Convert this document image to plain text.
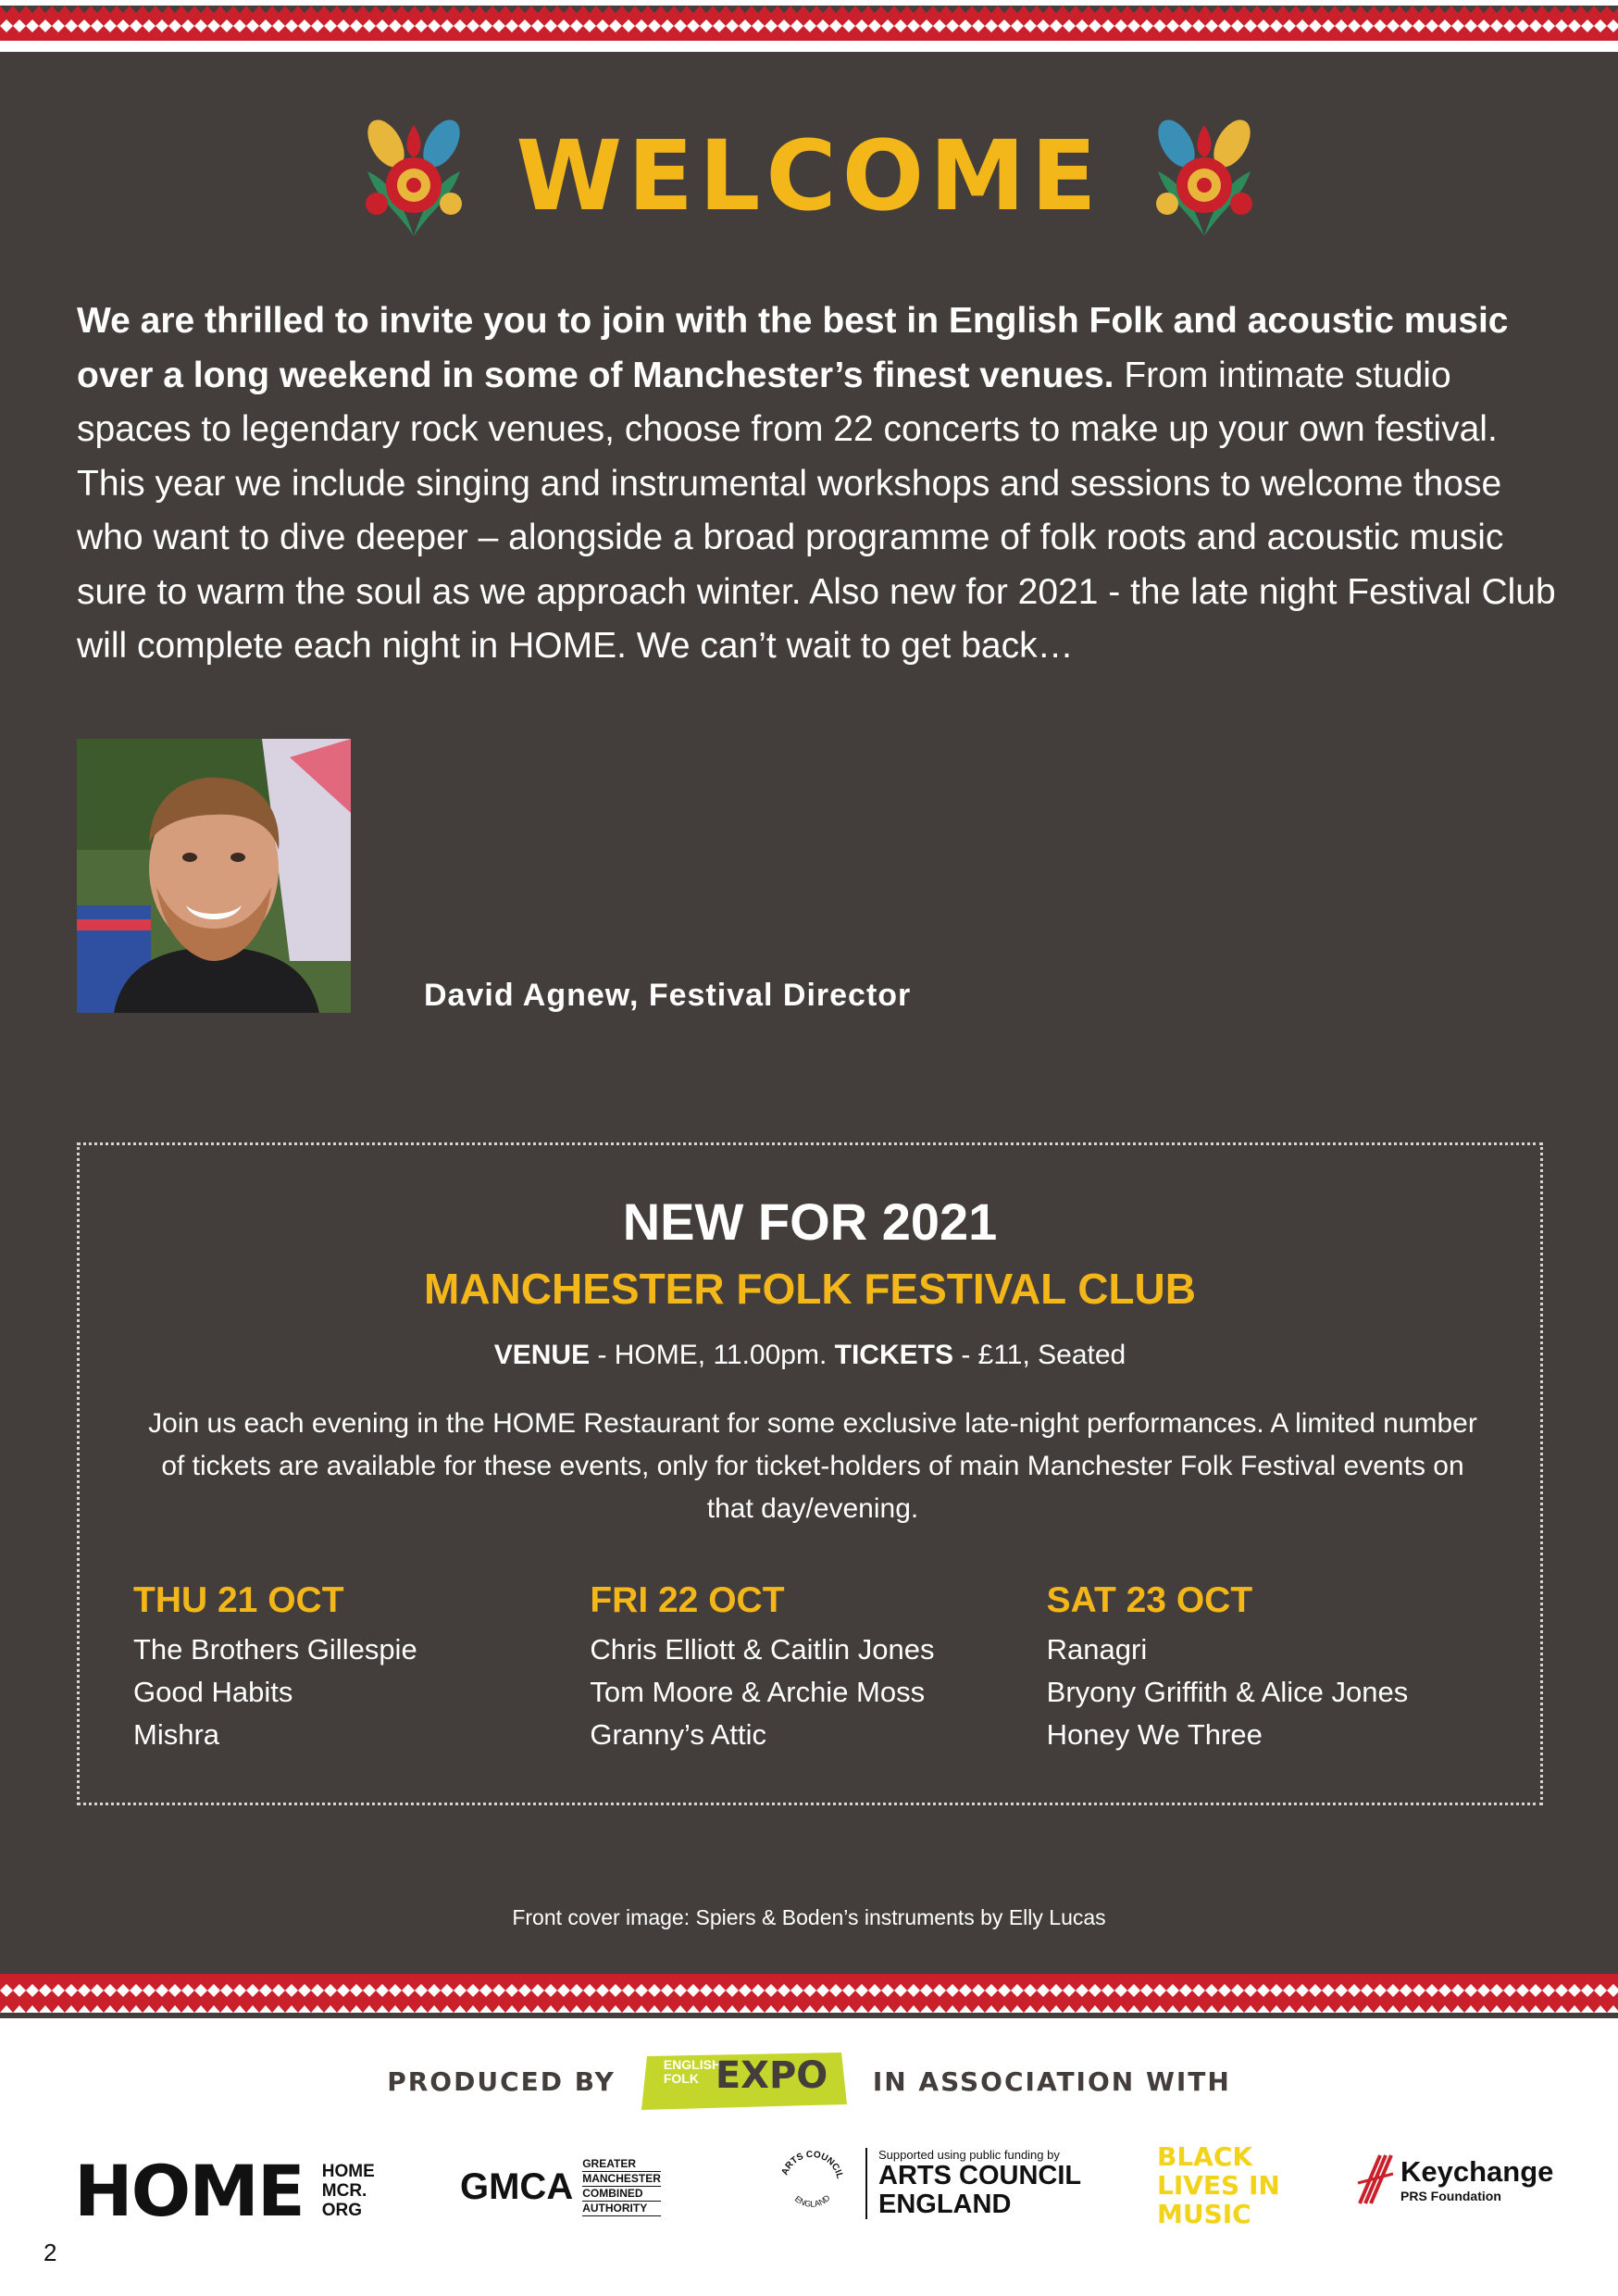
WELCOME

We are thrilled to invite you to join with the best in English Folk and acoustic music over a long weekend in some of Manchester’s finest venues. From intimate studio spaces to legendary rock venues, choose from 22 concerts to make up your own festival. This year we include singing and instrumental workshops and sessions to welcome those who want to dive deeper – alongside a broad programme of folk roots and acoustic music sure to warm the soul as we approach winter. Also new for 2021 - the late night Festival Club will complete each night in HOME. We can’t wait to get back…

David Agnew, Festival Director
NEW FOR 2021
MANCHESTER FOLK FESTIVAL CLUB
VENUE - HOME, 11.00pm. TICKETS - £11, Seated
Join us each evening in the HOME Restaurant for some exclusive late-night performances. A limited number of tickets are available for these events, only for ticket-holders of main Manchester Folk Festival events on that day/evening.
THU 21 OCT
The Brothers Gillespie
Good Habits
Mishra
FRI 22 OCT
Chris Elliott & Caitlin Jones
Tom Moore & Archie Moss
Granny’s Attic
SAT 23 OCT
Ranagri
Bryony Griffith & Alice Jones
Honey We Three
Front cover image: Spiers & Boden’s instruments by Elly Lucas
PRODUCED BY
ENGLISH
FOLK EXPO IN ASSOCIATION WITH
HOME HOME
MCR.
ORG
GMCA
GREATER
MANCHESTER
COMBINED
AUTHORITY
ARTS COUNCIL
ENGLAND
Supported using public funding by
ARTS COUNCIL
ENGLAND
BLACK
LIVES IN
MUSIC
Keychange
PRS Foundation
2
